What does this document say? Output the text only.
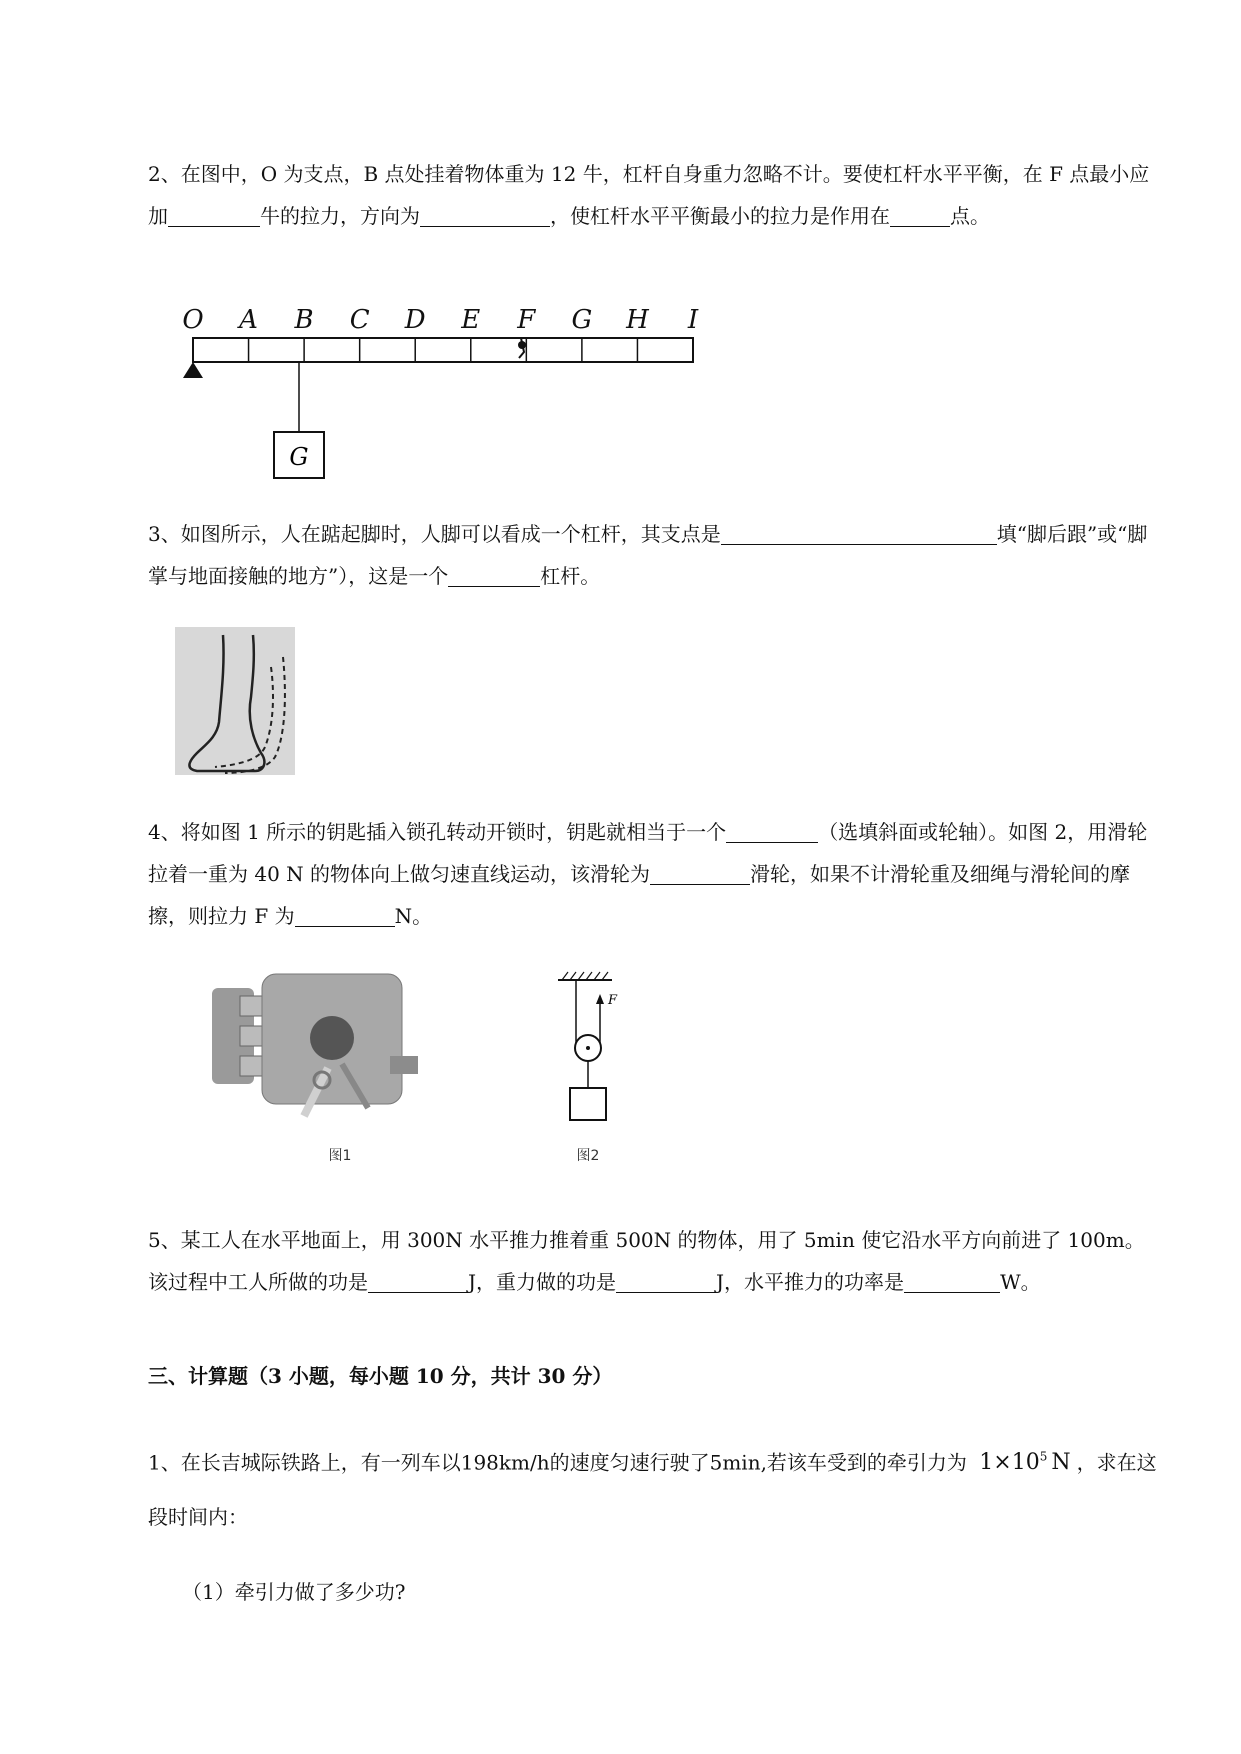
2、在图中，O 为支点，B 点处挂着物体重为 12 牛，杠杆自身重力忽略不计。要使杠杆水平平衡，在 F 点最小应加	牛的拉力，方向为	，使杠杆水平平衡最小的拉力是作用在	点。

O A B C D E F G H I
G

3、如图所示，人在踮起脚时，人脚可以看成一个杠杆，其支点是	填“脚后跟”或“脚掌与地面接触的地方”），这是一个	杠杆。

4、将如图 1 所示的钥匙插入锁孔转动开锁时，钥匙就相当于一个	（选填斜面或轮轴）。如图 2，用滑轮拉着一重为 40 N 的物体向上做匀速直线运动，该滑轮为	滑轮，如果不计滑轮重及细绳与滑轮间的摩擦，则拉力 F 为	N。

图1
F
图2

5、某工人在水平地面上，用 300N 水平推力推着重 500N 的物体，用了 5min 使它沿水平方向前进了 100m。该过程中工人所做的功是	J，重力做的功是	J，水平推力的功率是	W。

三、计算题（3 小题，每小题 10 分，共计 30 分）

1、在长吉城际铁路上，有一列车以198km/h的速度匀速行驶了5min,若该车受到的牵引力为 $1\times 10^5$ N ，求在这段时间内：

（1）牵引力做了多少功?
